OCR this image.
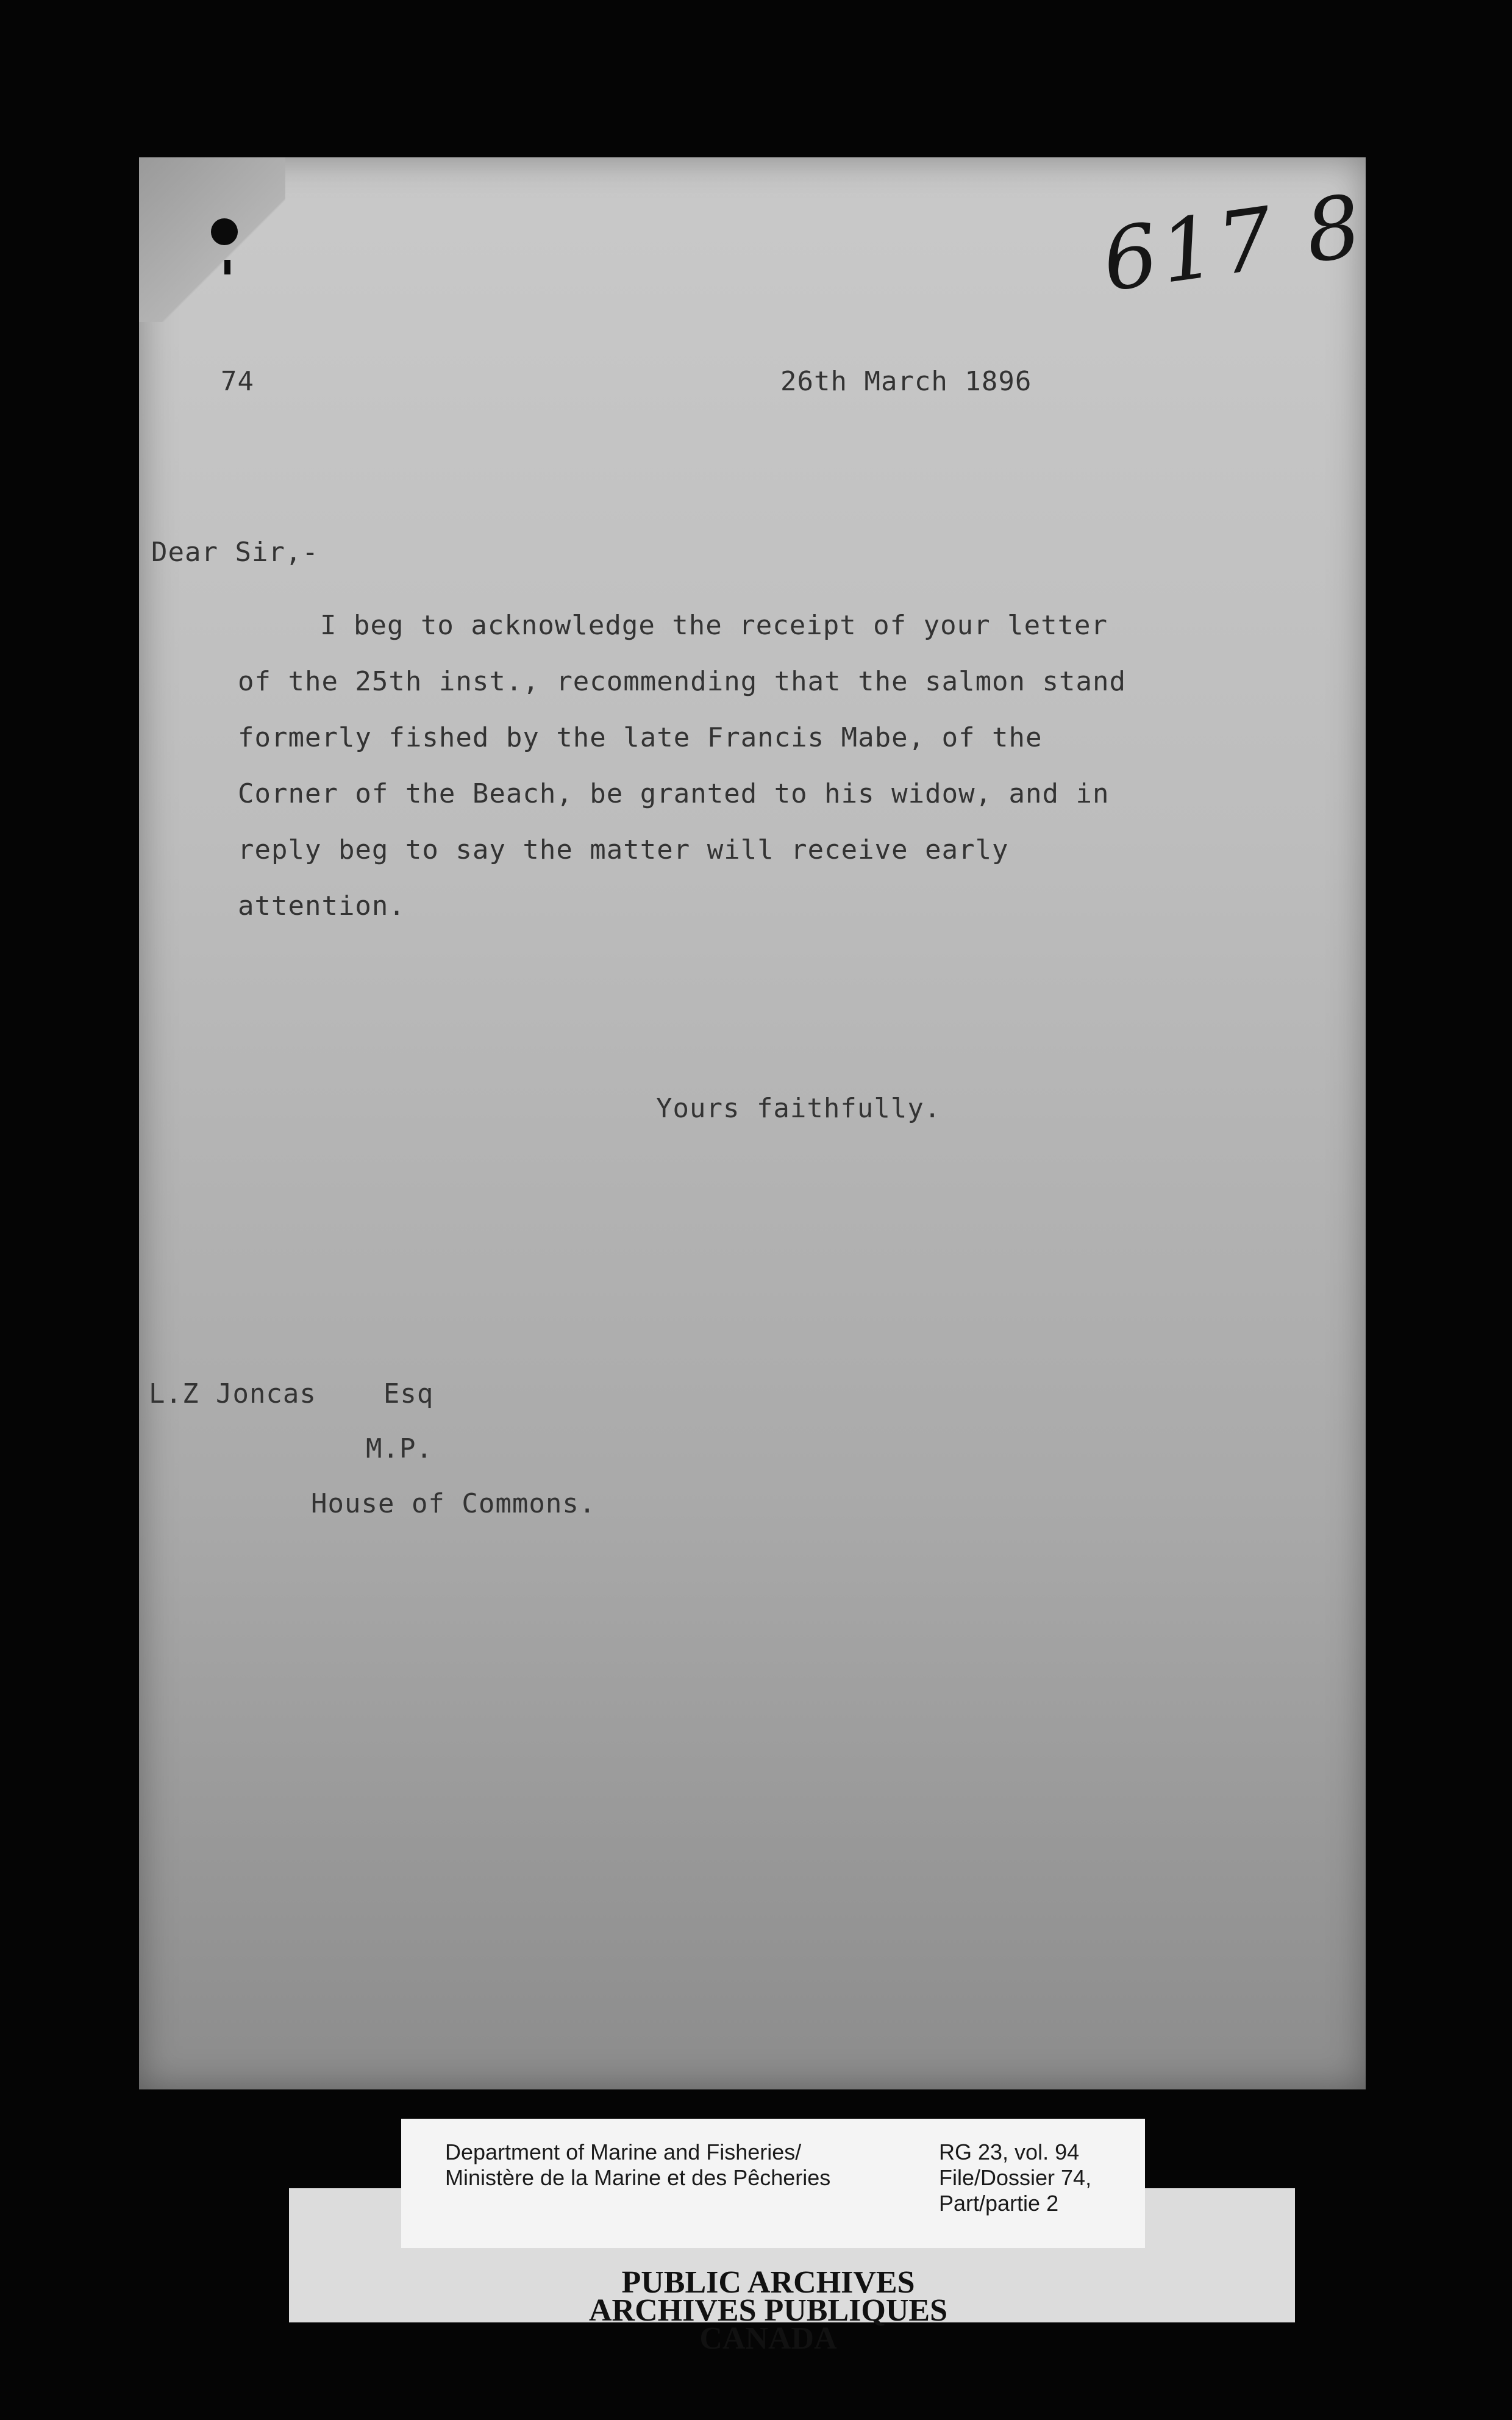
617 8
74	26th March 1896
Dear Sir,-
I beg to acknowledge the receipt of your letter of the 25th inst., recommending that the salmon stand formerly fished by the late Francis Mabe, of the Corner of the Beach, be granted to his widow, and in reply beg to say the matter will receive early attention.
Yours faithfully.
L.Z Joncas    Esq
M.P.
House of Commons.
Department of Marine and Fisheries/
Ministère de la Marine et des Pêcheries
RG 23, vol. 94
File/Dossier 74,
Part/partie 2
PUBLIC ARCHIVES
ARCHIVES PUBLIQUES
CANADA
